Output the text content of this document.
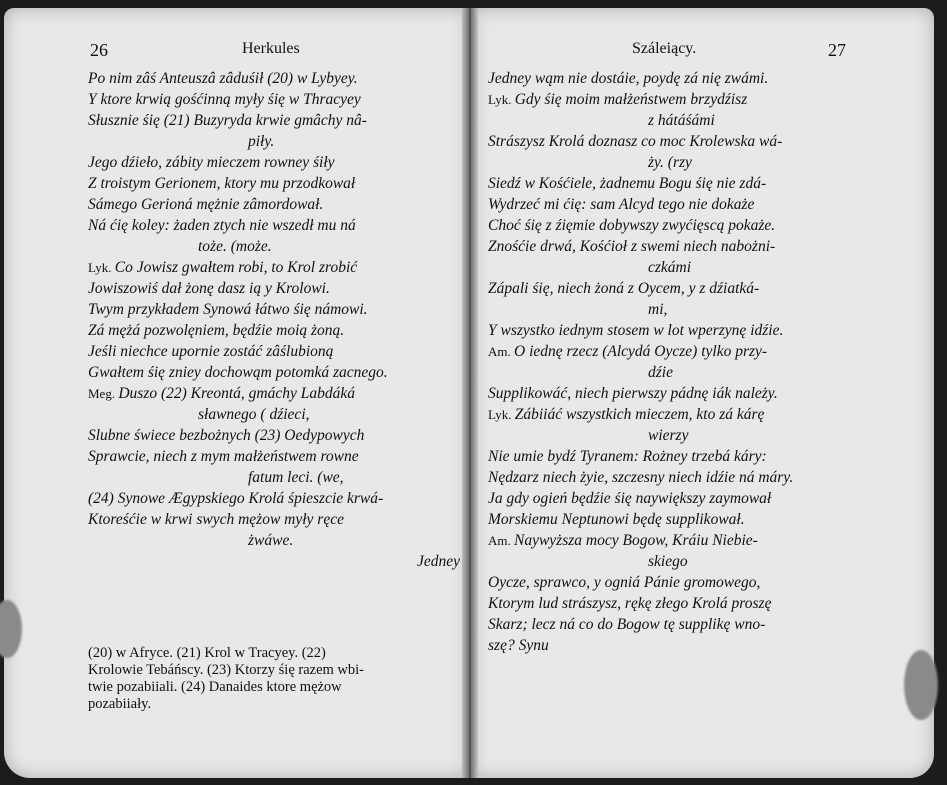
26	Herkules
Po nim zâś Anteuszâ zâduśił (20) w Lybyey.
Y ktore krwią gośćinną myły śię w Thracyey
Słusznie śię (21) Buzyryda krwie gmâchy nâ-
piły.
Jego dźieło, zábity mieczem rowney śiły
Z troistym Gerionem, ktory mu przodkował
Sámego Gerioná mężnie zâmordował.
Ná ćię koley: żaden ztych nie wszedł mu ná
toże. (może.
Lyk. Co Jowisz gwałtem robi, to Krol zrobić
Jowiszowiś dał żonę dasz ią y Krolowi.
Twym przykładem Synowá łátwo śię námowi.
Zá mężá pozwolęniem, będźie moią żoną.
Jeśli niechce upornie zostáć zâślubioną
Gwałtem śię zniey dochowąm potomká zacnego.
Meg. Duszo (22) Kreontá, gmáchy Labdáká
sławnego ( dźieci,
Slubne świece bezbożnych (23) Oedypowych
Sprawcie, niech z mym małżeństwem rowne
fatum leci. (we,
(24) Synowe Ægypskiego Krolá śpieszcie krwá-
Ktoreśćie w krwi swych mężow myły ręce
żwáwe.
Jedney
(20) w Afryce. (21) Krol w Tracyey. (22)
Krolowie Tebáńscy. (23) Ktorzy śię razem wbi-
twie pozabiiali. (24) Danaides ktore mężow
pozabiiały.
Száleiący.	27
Jedney wąm nie dostáie, poydę zá nię zwámi.
Lyk. Gdy śię moim małżeństwem brzydźisz
z hátáśámi
Strászysz Krolá doznasz co moc Krolewska wá-
ży. (rzy
Siedź w Kośćiele, żadnemu Bogu śię nie zdá-
Wydrzeć mi ćię: sam Alcyd tego nie dokaże
Choć śię z źięmie dobywszy zwyćięscą pokaże.
Znośćie drwá, Kośćioł z swemi niech nabożni-
czkámi
Zápali śię, niech żoná z Oycem, y z dźiatká-
mi,
Y wszystko iednym stosem w lot wperzynę idźie.
Am. O iednę rzecz (Alcydá Oycze) tylko przy-
dźie
Supplikowáć, niech pierwszy pádnę iák należy.
Lyk. Zábiiáć wszystkich mieczem, kto zá kárę
wierzy
Nie umie bydź Tyranem: Rożney trzebá káry:
Nędzarz niech żyie, szczesny niech idźie ná máry.
Ja gdy ogień będźie śię naywiększy zaymował
Morskiemu Neptunowi będę supplikował.
Am. Naywyższa mocy Bogow, Kráiu Niebie-
skiego
Oycze, sprawco, y ogniá Pánie gromowego,
Ktorym lud strászysz, rękę złego Krolá proszę
Skarz; lecz ná co do Bogow tę supplikę wno-
szę? Synu
